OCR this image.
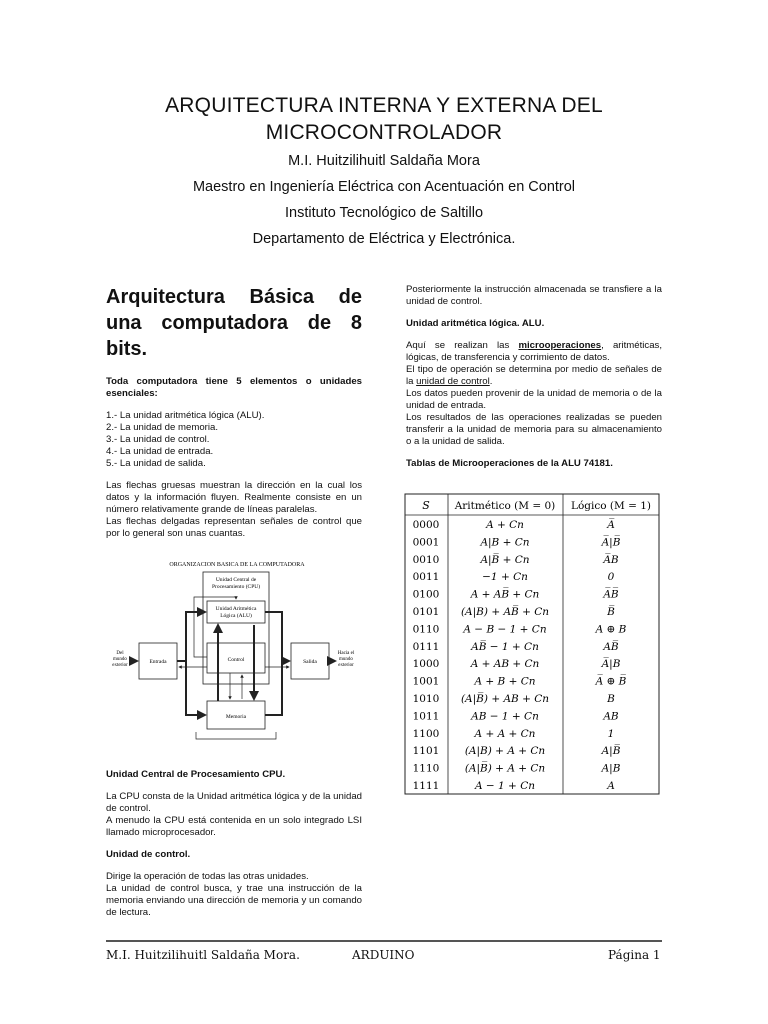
ARQUITECTURA INTERNA Y EXTERNA DEL
MICROCONTROLADOR
M.I. Huitzilihuitl Saldaña Mora
Maestro en Ingeniería Eléctrica con Acentuación en Control
Instituto Tecnológico de Saltillo
Departamento de Eléctrica y Electrónica.
Arquitectura Básica de
una computadora de 8
bits.

Toda computadora tiene 5 elementos o unidades esenciales:

1.- La unidad aritmética lógica (ALU).
2.- La unidad de memoria.
3.- La unidad de control.
4.- La unidad de entrada.
5.- La unidad de salida.

Las flechas gruesas muestran la dirección en la cual los datos y la información fluyen. Realmente consiste en un número relativamente grande de líneas paralelas.

Las flechas delgadas representan señales de control que por lo general son unas cuantas.

ORGANIZACION BASICA DE LA COMPUTADORA
Unidad Central de
Procesamiento (CPU)
Unidad Aritmética
Lógica (ALU)
Control
Entrada	Salida
Memoria
Del
mundo
exterior
Hacia el
mundo
exterior

Unidad Central de Procesamiento CPU.

La CPU consta de la Unidad aritmética lógica y de la unidad de control.

A menudo la CPU está contenida en un solo integrado LSI llamado microprocesador.

Unidad de control.

Dirige la operación de todas las otras unidades.

La unidad de control busca, y trae una instrucción de la memoria enviando una dirección de memoria y un comando de lectura.

Posteriormente la instrucción almacenada se transfiere a la unidad de control.

Unidad aritmética lógica. ALU.

Aquí se realizan las microoperaciones, aritméticas, lógicas, de transferencia y corrimiento de datos.

El tipo de operación se determina por medio de señales de la unidad de control.

Los datos pueden provenir de la unidad de memoria o de la unidad de entrada.

Los resultados de las operaciones realizadas se pueden transferir a la unidad de memoria para su almacenamiento o a la unidad de salida.

Tablas de Microoperaciones de la ALU 74181.

S Aritmético (M = 0) Lógico (M = 1)
0000	A + Cn	A̅
0001	A|B + Cn	A̅|B̅
0010	A|B̅ + Cn	A̅B
0011	−1 + Cn	0
0100	A + AB̅ + Cn	A̅B̅
0101 (A|B) + AB̅ + Cn	B̅
0110 A − B − 1 + Cn	A ⊕ B
0111	AB̅ − 1 + Cn	AB̅
1000	A + AB + Cn	A̅|B
1001	A + B + Cn	A̅ ⊕ B̅
1010 (A|B̅) + AB + Cn	B
1011	AB − 1 + Cn	AB
1100	A + A + Cn	1
1101 (A|B) + A + Cn	A|B̅
1110 (A|B̅) + A + Cn	A|B
1111	A − 1 + Cn	A
M.I. Huitzilihuitl Saldaña Mora.	ARDUINO	Página 1
